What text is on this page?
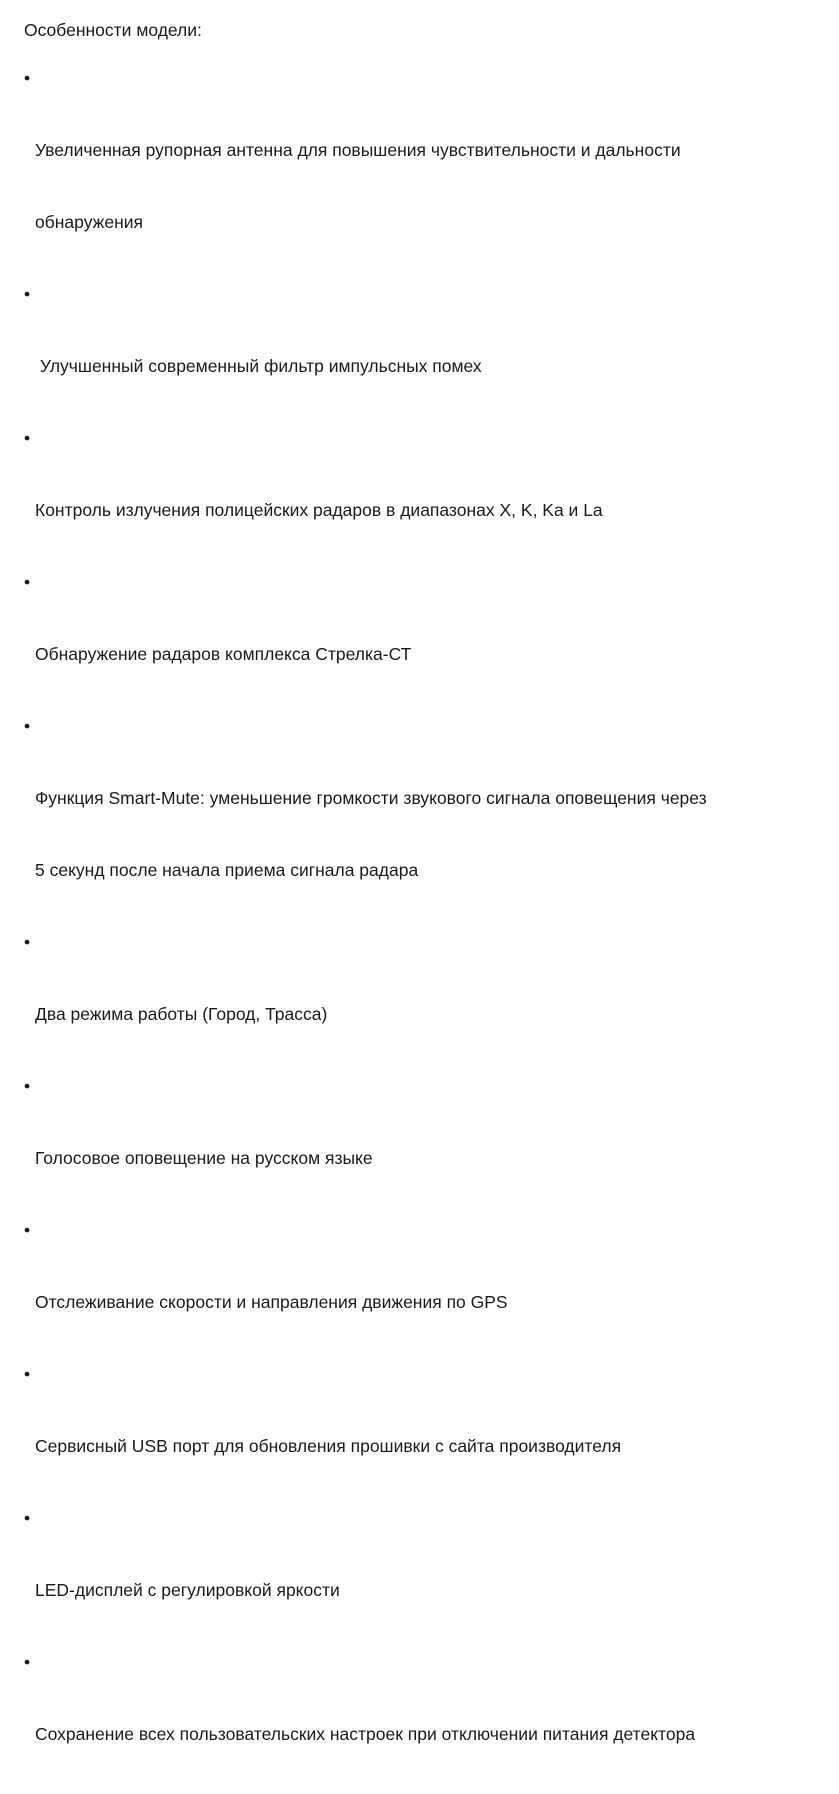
Особенности модели:

•

Увеличенная рупорная антенна для повышения чувствительности и дальности

обнаружения

•

Улучшенный современный фильтр импульсных помех

•

Контроль излучения полицейских радаров в диапазонах X, K, Ka и La

•

Обнаружение радаров комплекса Стрелка-СТ

•

Функция Smart-Mute: уменьшение громкости звукового сигнала оповещения через

5 секунд после начала приема сигнала радара

•

Два режима работы (Город, Трасса)

•

Голосовое оповещение на русском языке

•

Отслеживание скорости и направления движения по GPS

•

Сервисный USB порт для обновления прошивки с сайта производителя

•

LED-дисплей с регулировкой яркости

•

Сохранение всех пользовательских настроек при отключении питания детектора
